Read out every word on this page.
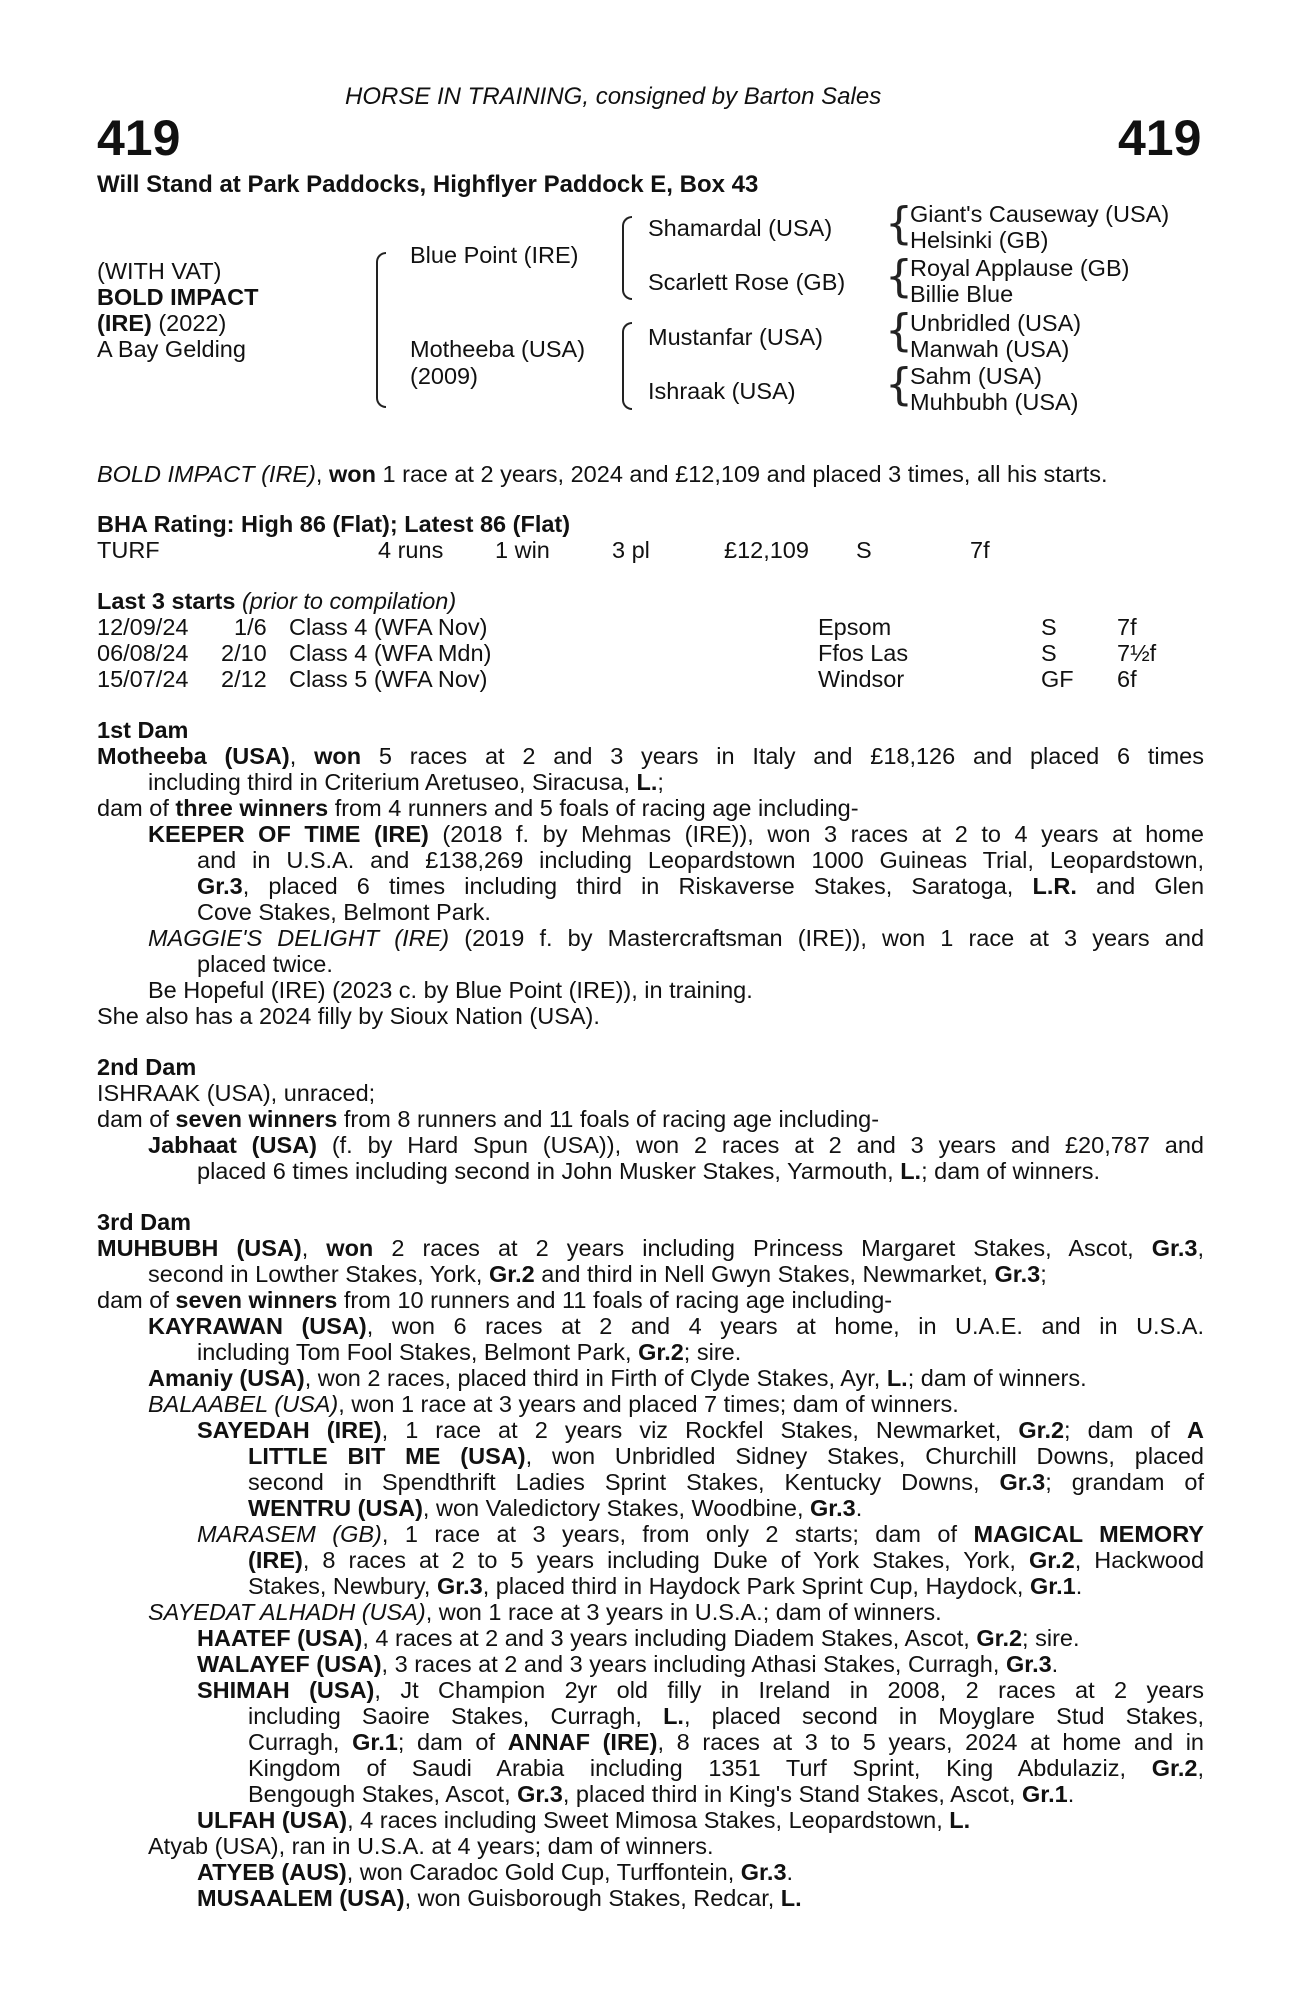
HORSE IN TRAINING, consigned by Barton Sales
419	419
Will Stand at Park Paddocks, Highflyer Paddock E, Box 43
(WITH VAT)
BOLD IMPACT
(IRE) (2022)
A Bay Gelding
Blue Point (IRE)
Motheeba (USA)
(2009)
Shamardal (USA)
Scarlett Rose (GB)
Mustanfar (USA)
Ishraak (USA)
{
{
{
{
Giant's Causeway (USA)
Helsinki (GB)
Royal Applause (GB)
Billie Blue
Unbridled (USA)
Manwah (USA)
Sahm (USA)
Muhbubh (USA)
BOLD IMPACT (IRE), won 1 race at 2 years, 2024 and £12,109 and placed 3 times, all his starts.
BHA Rating: High 86 (Flat); Latest 86 (Flat)
TURF	4 runs 1 win	3 pl	£12,109 S	7f
Last 3 starts (prior to compilation)
12/09/24 1/6 Class 4 (WFA Nov)	Epsom	S	7f
06/08/24 2/10 Class 4 (WFA Mdn)	Ffos Las	S	7½f
15/07/24 2/12 Class 5 (WFA Nov)	Windsor	GF 6f
1st Dam
Motheeba (USA), won 5 races at 2 and 3 years in Italy and £18,126 and placed 6 times
including third in Criterium Aretuseo, Siracusa, L.;
dam of three winners from 4 runners and 5 foals of racing age including-
KEEPER OF TIME (IRE) (2018 f. by Mehmas (IRE)), won 3 races at 2 to 4 years at home
and in U.S.A. and £138,269 including Leopardstown 1000 Guineas Trial, Leopardstown,
Gr.3, placed 6 times including third in Riskaverse Stakes, Saratoga, L.R. and Glen
Cove Stakes, Belmont Park.
MAGGIE'S DELIGHT (IRE) (2019 f. by Mastercraftsman (IRE)), won 1 race at 3 years and
placed twice.
Be Hopeful (IRE) (2023 c. by Blue Point (IRE)), in training.
She also has a 2024 filly by Sioux Nation (USA).
2nd Dam
ISHRAAK (USA), unraced;
dam of seven winners from 8 runners and 11 foals of racing age including-
Jabhaat (USA) (f. by Hard Spun (USA)), won 2 races at 2 and 3 years and £20,787 and
placed 6 times including second in John Musker Stakes, Yarmouth, L.; dam of winners.
3rd Dam
MUHBUBH (USA), won 2 races at 2 years including Princess Margaret Stakes, Ascot, Gr.3,
second in Lowther Stakes, York, Gr.2 and third in Nell Gwyn Stakes, Newmarket, Gr.3;
dam of seven winners from 10 runners and 11 foals of racing age including-
KAYRAWAN (USA), won 6 races at 2 and 4 years at home, in U.A.E. and in U.S.A.
including Tom Fool Stakes, Belmont Park, Gr.2; sire.
Amaniy (USA), won 2 races, placed third in Firth of Clyde Stakes, Ayr, L.; dam of winners.
BALAABEL (USA), won 1 race at 3 years and placed 7 times; dam of winners.
SAYEDAH (IRE), 1 race at 2 years viz Rockfel Stakes, Newmarket, Gr.2; dam of A
LITTLE BIT ME (USA), won Unbridled Sidney Stakes, Churchill Downs, placed
second in Spendthrift Ladies Sprint Stakes, Kentucky Downs, Gr.3; grandam of
WENTRU (USA), won Valedictory Stakes, Woodbine, Gr.3.
MARASEM (GB), 1 race at 3 years, from only 2 starts; dam of MAGICAL MEMORY
(IRE), 8 races at 2 to 5 years including Duke of York Stakes, York, Gr.2, Hackwood
Stakes, Newbury, Gr.3, placed third in Haydock Park Sprint Cup, Haydock, Gr.1.
SAYEDAT ALHADH (USA), won 1 race at 3 years in U.S.A.; dam of winners.
HAATEF (USA), 4 races at 2 and 3 years including Diadem Stakes, Ascot, Gr.2; sire.
WALAYEF (USA), 3 races at 2 and 3 years including Athasi Stakes, Curragh, Gr.3.
SHIMAH (USA), Jt Champion 2yr old filly in Ireland in 2008, 2 races at 2 years
including Saoire Stakes, Curragh, L., placed second in Moyglare Stud Stakes,
Curragh, Gr.1; dam of ANNAF (IRE), 8 races at 3 to 5 years, 2024 at home and in
Kingdom of Saudi Arabia including 1351 Turf Sprint, King Abdulaziz, Gr.2,
Bengough Stakes, Ascot, Gr.3, placed third in King's Stand Stakes, Ascot, Gr.1.
ULFAH (USA), 4 races including Sweet Mimosa Stakes, Leopardstown, L.
Atyab (USA), ran in U.S.A. at 4 years; dam of winners.
ATYEB (AUS), won Caradoc Gold Cup, Turffontein, Gr.3.
MUSAALEM (USA), won Guisborough Stakes, Redcar, L.
